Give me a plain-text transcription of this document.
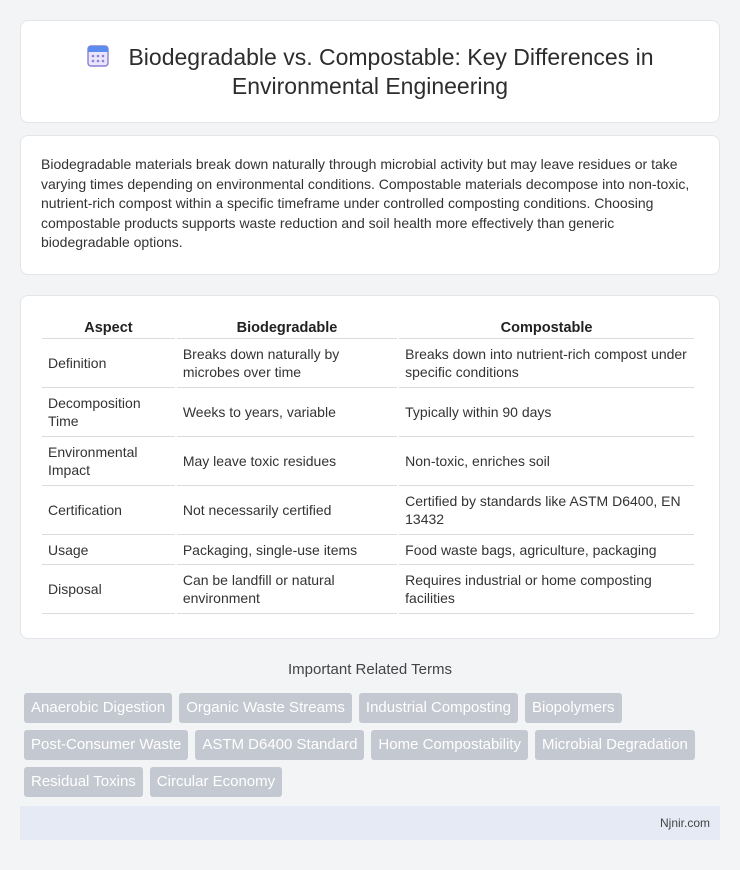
Biodegradable vs. Compostable: Key Differences in Environmental Engineering

Biodegradable materials break down naturally through microbial activity but may leave residues or take varying times depending on environmental conditions. Compostable materials decompose into non-toxic, nutrient-rich compost within a specific timeframe under controlled composting conditions. Choosing compostable products supports waste reduction and soil health more effectively than generic biodegradable options.

Aspect	Biodegradable	Compostable
Definition	Breaks down naturally by microbes over time	Breaks down into nutrient-rich compost under specific conditions
Decomposition Time	Weeks to years, variable	Typically within 90 days
Environmental Impact	May leave toxic residues	Non-toxic, enriches soil
Certification	Not necessarily certified	Certified by standards like ASTM D6400, EN 13432
Usage	Packaging, single-use items	Food waste bags, agriculture, packaging
Disposal	Can be landfill or natural environment	Requires industrial or home composting facilities
Important Related Terms
Anaerobic Digestion	Organic Waste Streams	Industrial Composting	Biopolymers
Post-Consumer Waste	ASTM D6400 Standard	Home Compostability	Microbial Degradation
Residual Toxins	Circular Economy
Njnir.com
